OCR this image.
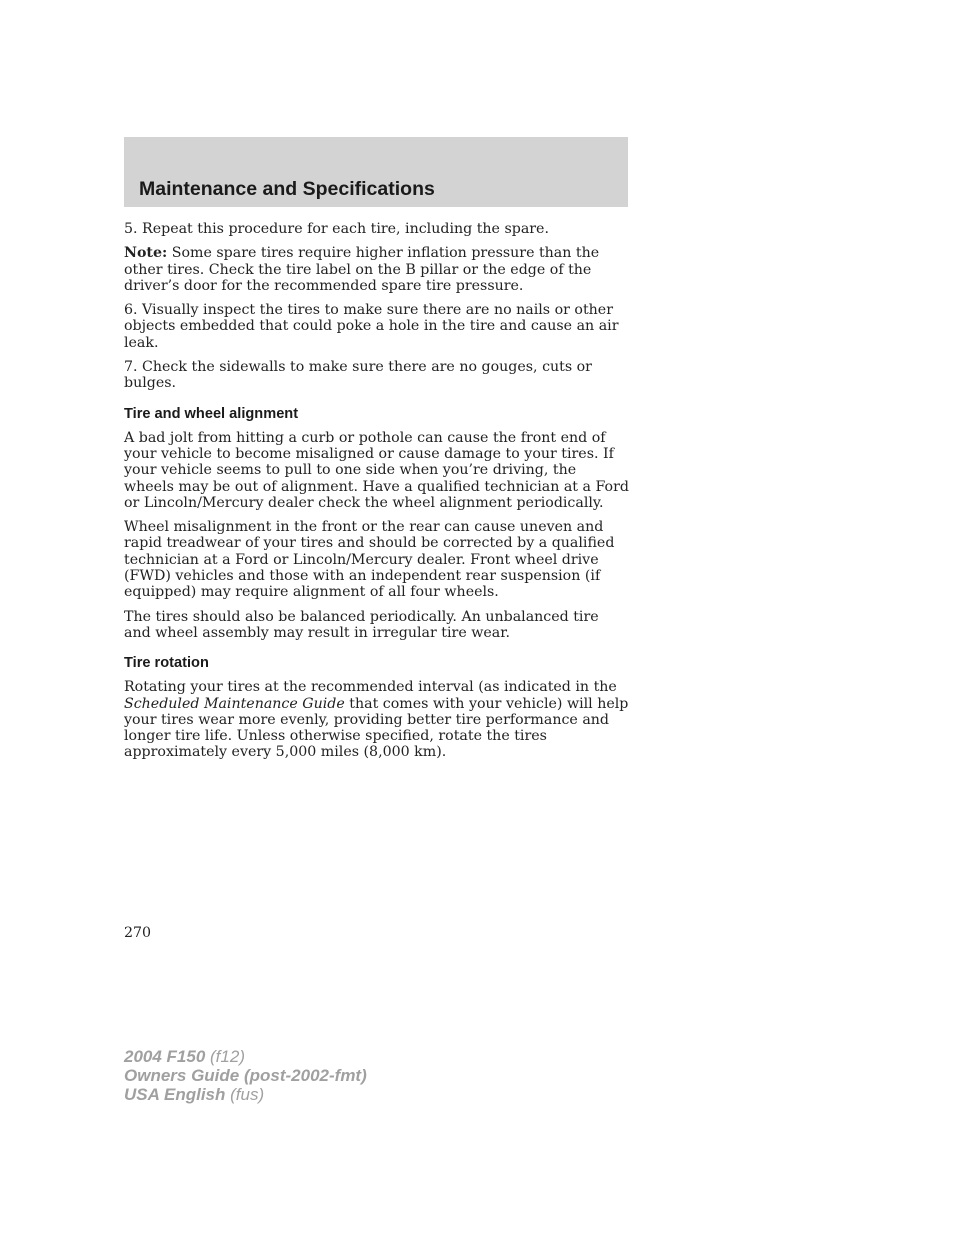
Maintenance and Specifications

5. Repeat this procedure for each tire, including the spare.

Note: Some spare tires require higher inflation pressure than the other tires. Check the tire label on the B pillar or the edge of the driver’s door for the recommended spare tire pressure.

6. Visually inspect the tires to make sure there are no nails or other objects embedded that could poke a hole in the tire and cause an air leak.

7. Check the sidewalls to make sure there are no gouges, cuts or bulges.

Tire and wheel alignment

A bad jolt from hitting a curb or pothole can cause the front end of your vehicle to become misaligned or cause damage to your tires. If your vehicle seems to pull to one side when you’re driving, the wheels may be out of alignment. Have a qualified technician at a Ford or Lincoln/Mercury dealer check the wheel alignment periodically.

Wheel misalignment in the front or the rear can cause uneven and rapid treadwear of your tires and should be corrected by a qualified technician at a Ford or Lincoln/Mercury dealer. Front wheel drive (FWD) vehicles and those with an independent rear suspension (if equipped) may require alignment of all four wheels.

The tires should also be balanced periodically. An unbalanced tire and wheel assembly may result in irregular tire wear.

Tire rotation

Rotating your tires at the recommended interval (as indicated in the Scheduled Maintenance Guide that comes with your vehicle) will help your tires wear more evenly, providing better tire performance and longer tire life. Unless otherwise specified, rotate the tires approximately every 5,000 miles (8,000 km).

270

2004 F150 (f12)
Owners Guide (post-2002-fmt)
USA English (fus)
